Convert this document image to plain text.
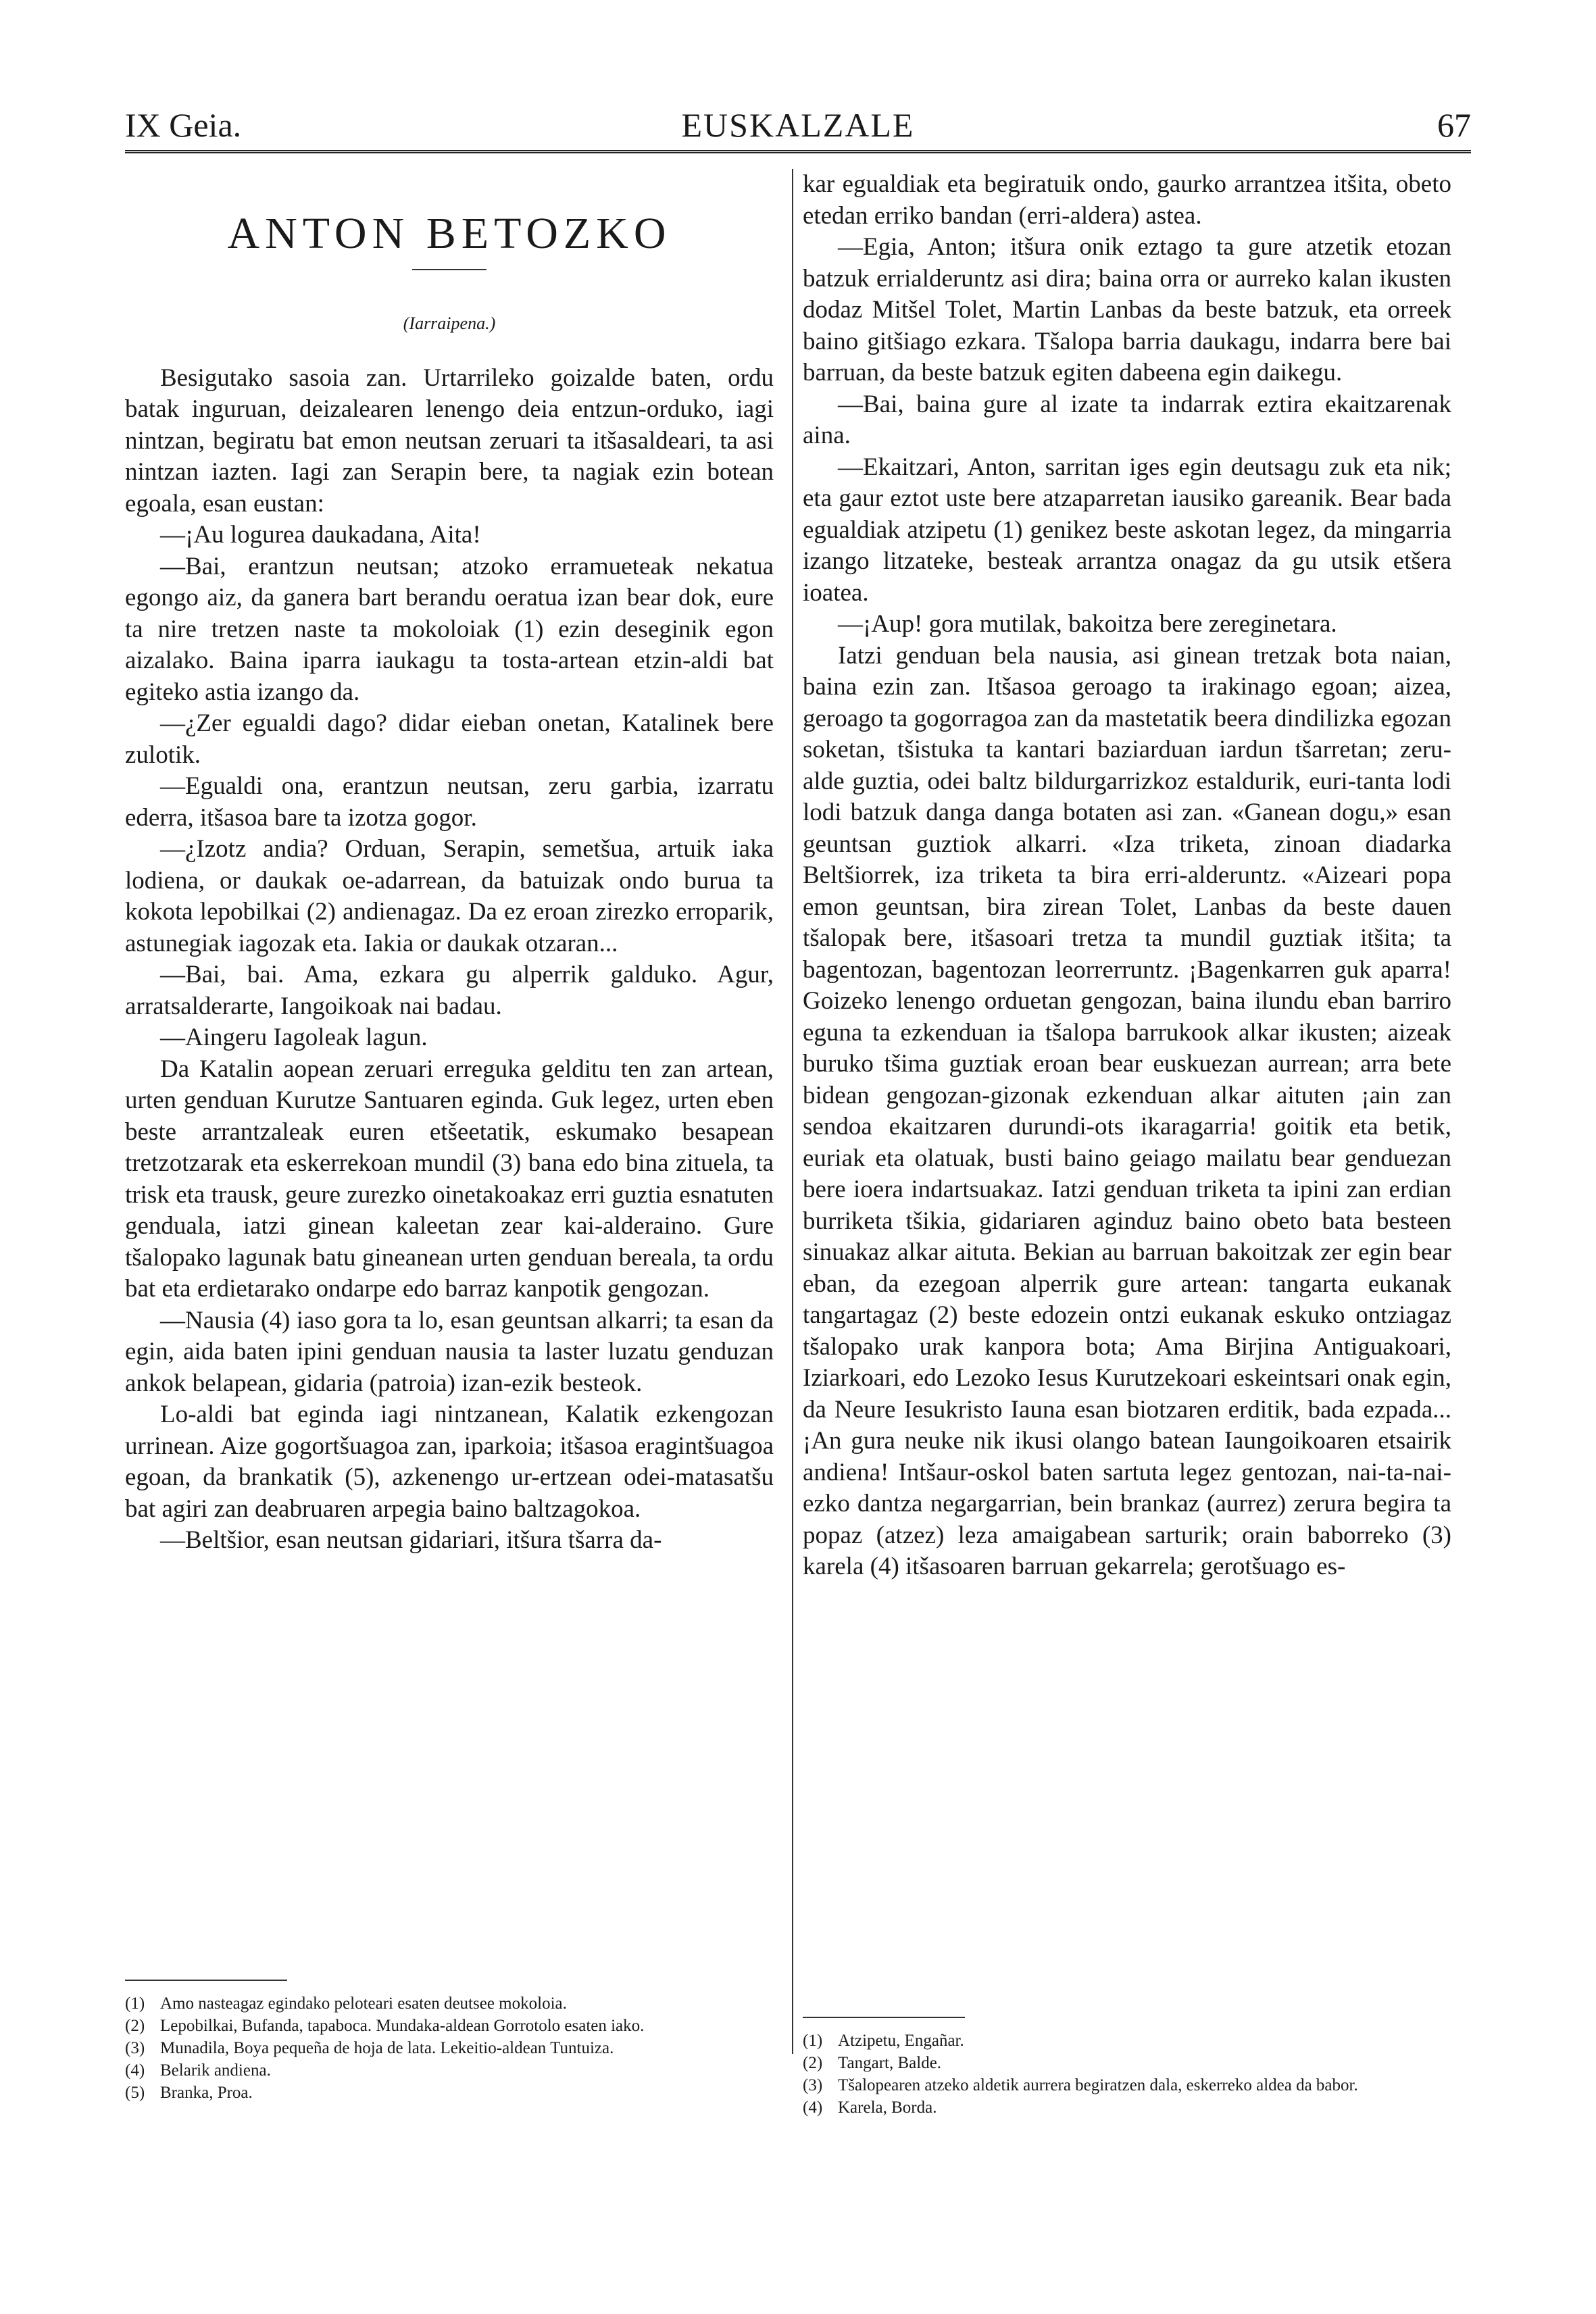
IX Geia.	EUSKALZALE	67
ANTON BETOZKO
(Iarraipena.)

Besigutako sasoia zan. Urtarrileko goizalde baten, ordu batak inguruan, deizalearen lenengo deia entzun-orduko, iagi nintzan, begiratu bat emon neutsan zeruari ta itšasaldeari, ta asi nintzan iazten. Iagi zan Serapin bere, ta nagiak ezin botean egoala, esan eustan:

—¡Au logurea daukadana, Aita!

—Bai, erantzun neutsan; atzoko erramueteak nekatua egongo aiz, da ganera bart berandu oeratua izan bear dok, eure ta nire tretzen naste ta mokoloiak (1) ezin deseginik egon aizalako. Baina iparra iaukagu ta tosta-artean etzin-aldi bat egiteko astia izango da.

—¿Zer egualdi dago? didar eieban onetan, Katalinek bere zulotik.

—Egualdi ona, erantzun neutsan, zeru garbia, izarratu ederra, itšasoa bare ta izotza gogor.

—¿Izotz andia? Orduan, Serapin, semetšua, artuik iaka lodiena, or daukak oe-adarrean, da batuizak ondo burua ta kokota lepobilkai (2) andienagaz. Da ez eroan zirezko erroparik, astunegiak iagozak eta. Iakia or daukak otzaran...

—Bai, bai. Ama, ezkara gu alperrik galduko. Agur, arratsalderarte, Iangoikoak nai badau.

—Aingeru Iagoleak lagun.

Da Katalin aopean zeruari erreguka gelditu ten zan artean, urten genduan Kurutze Santuaren eginda. Guk legez, urten eben beste arrantzaleak euren etšeetatik, eskumako besapean tretzotzarak eta eskerrekoan mundil (3) bana edo bina zituela, ta trisk eta trausk, geure zurezko oinetakoakaz erri guztia esnatuten genduala, iatzi ginean kaleetan zear kai-alderaino. Gure tšalopako lagunak batu gineanean urten genduan bereala, ta ordu bat eta erdietarako ondarpe edo barraz kanpotik gengozan.

—Nausia (4) iaso gora ta lo, esan geuntsan alkarri; ta esan da egin, aida baten ipini genduan nausia ta laster luzatu genduzan ankok belapean, gidaria (patroia) izan-ezik besteok.

Lo-aldi bat eginda iagi nintzanean, Kalatik ezkengozan urrinean. Aize gogortšuagoa zan, iparkoia; itšasoa eragintšuagoa egoan, da brankatik (5), azkenengo ur-ertzean odei-matasatšu bat agiri zan deabruaren arpegia baino baltzagokoa.

—Beltšior, esan neutsan gidariari, itšura tšarra da-

kar egualdiak eta begiratuik ondo, gaurko arrantzea itšita, obeto etedan erriko bandan (erri-aldera) astea.

—Egia, Anton; itšura onik eztago ta gure atzetik etozan batzuk errialderuntz asi dira; baina orra or aurreko kalan ikusten dodaz Mitšel Tolet, Martin Lanbas da beste batzuk, eta orreek baino gitšiago ezkara. Tšalopa barria daukagu, indarra bere bai barruan, da beste batzuk egiten dabeena egin daikegu.

—Bai, baina gure al izate ta indarrak eztira ekaitzarenak aina.

—Ekaitzari, Anton, sarritan iges egin deutsagu zuk eta nik; eta gaur eztot uste bere atzaparretan iausiko gareanik. Bear bada egualdiak atzipetu (1) genikez beste askotan legez, da mingarria izango litzateke, besteak arrantza onagaz da gu utsik etšera ioatea.

—¡Aup! gora mutilak, bakoitza bere zereginetara.

Iatzi genduan bela nausia, asi ginean tretzak bota naian, baina ezin zan. Itšasoa geroago ta irakinago egoan; aizea, geroago ta gogorragoa zan da mastetatik beera dindilizka egozan soketan, tšistuka ta kantari baziarduan iardun tšarretan; zeru-alde guztia, odei baltz bildurgarrizkoz estaldurik, euri-tanta lodi lodi batzuk danga danga botaten asi zan. «Ganean dogu,» esan geuntsan guztiok alkarri. «Iza triketa, zinoan diadarka Beltšiorrek, iza triketa ta bira erri-alderuntz. «Aizeari popa emon geuntsan, bira zirean Tolet, Lanbas da beste dauen tšalopak bere, itšasoari tretza ta mundil guztiak itšita; ta bagentozan, bagentozan leorrerruntz. ¡Bagenkarren guk aparra! Goizeko lenengo orduetan gengozan, baina ilundu eban barriro eguna ta ezkenduan ia tšalopa barrukook alkar ikusten; aizeak buruko tšima guztiak eroan bear euskuezan aurrean; arra bete bidean gengozan-gizonak ezkenduan alkar aituten ¡ain zan sendoa ekaitzaren durundi-ots ikaragarria! goitik eta betik, euriak eta olatuak, busti baino geiago mailatu bear genduezan bere ioera indartsuakaz. Iatzi genduan triketa ta ipini zan erdian burriketa tšikia, gidariaren aginduz baino obeto bata besteen sinuakaz alkar aituta. Bekian au barruan bakoitzak zer egin bear eban, da ezegoan alperrik gure artean: tangarta eukanak tangartagaz (2) beste edozein ontzi eukanak eskuko ontziagaz tšalopako urak kanpora bota; Ama Birjina Antiguakoari, Iziarkoari, edo Lezoko Iesus Kurutzekoari eskeintsari onak egin, da Neure Iesukristo Iauna esan biotzaren erditik, bada ezpada... ¡An gura neuke nik ikusi olango batean Iaungoikoaren etsairik andiena! Intšaur-oskol baten sartuta legez gentozan, nai-ta-nai-ezko dantza negargarrian, bein brankaz (aurrez) zerura begira ta popaz (atzez) leza amaigabean sarturik; orain baborreko (3) karela (4) itšasoaren barruan gekarrela; gerotšuago es-

(1) Amo nasteagaz egindako peloteari esaten deutsee mokoloia.

(2) Lepobilkai, Bufanda, tapaboca. Mundaka-aldean Gorrotolo esaten iako.

(3) Munadila, Boya pequeña de hoja de lata. Lekeitio-aldean Tuntuiza.

(4) Belarik andiena.

(5) Branka, Proa.

(1) Atzipetu, Engañar.

(2) Tangart, Balde.

(3) Tšalopearen atzeko aldetik aurrera begiratzen dala, eskerreko aldea da babor.

(4) Karela, Borda.
